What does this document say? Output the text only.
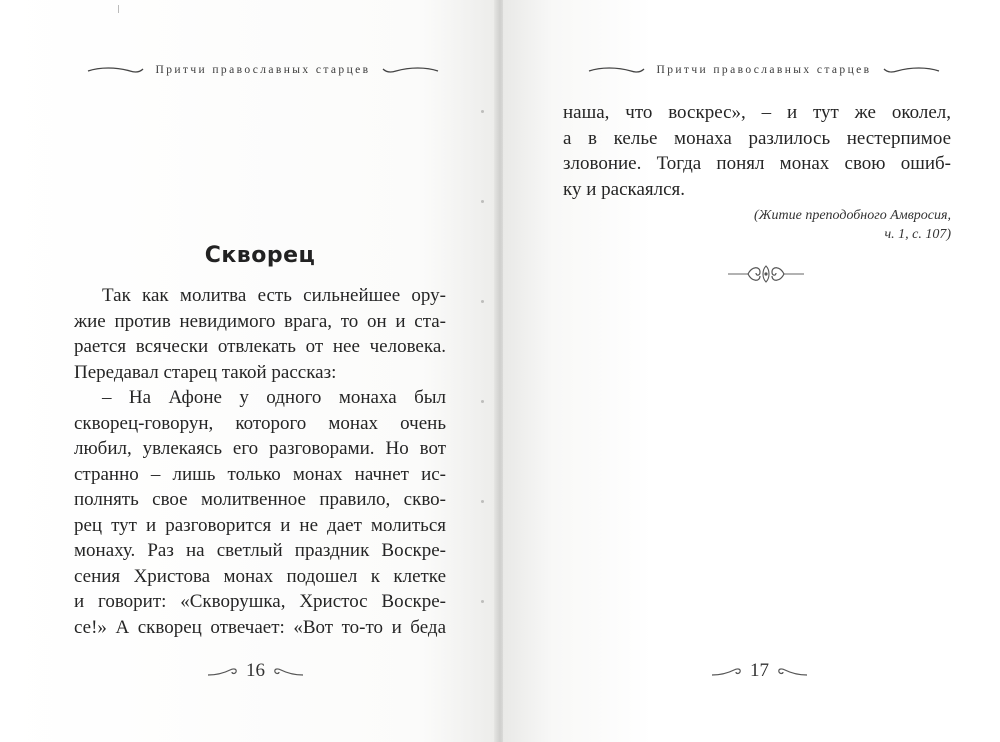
Притчи православных старцев
Скворец
Так как молитва есть сильнейшее ору-
жие против невидимого врага, то он и ста-
рается всячески отвлекать от нее человека.
Передавал старец такой рассказ:
– На Афоне у одного монаха был
скворец-говорун, которого монах очень
любил, увлекаясь его разговорами. Но вот
странно – лишь только монах начнет ис-
полнять свое молитвенное правило, скво-
рец тут и разговорится и не дает молиться
монаху. Раз на светлый праздник Воскре-
сения Христова монах подошел к клетке
и говорит: «Скворушка, Христос Воскре-
се!» А скворец отвечает: «Вот то-то и беда
16
Притчи православных старцев
наша, что воскрес», – и тут же околел,
а в келье монаха разлилось нестерпимое
зловоние. Тогда понял монах свою ошиб-
ку и раскаялся.
(Житие преподобного Амвросия,
ч. 1, с. 107)
17
